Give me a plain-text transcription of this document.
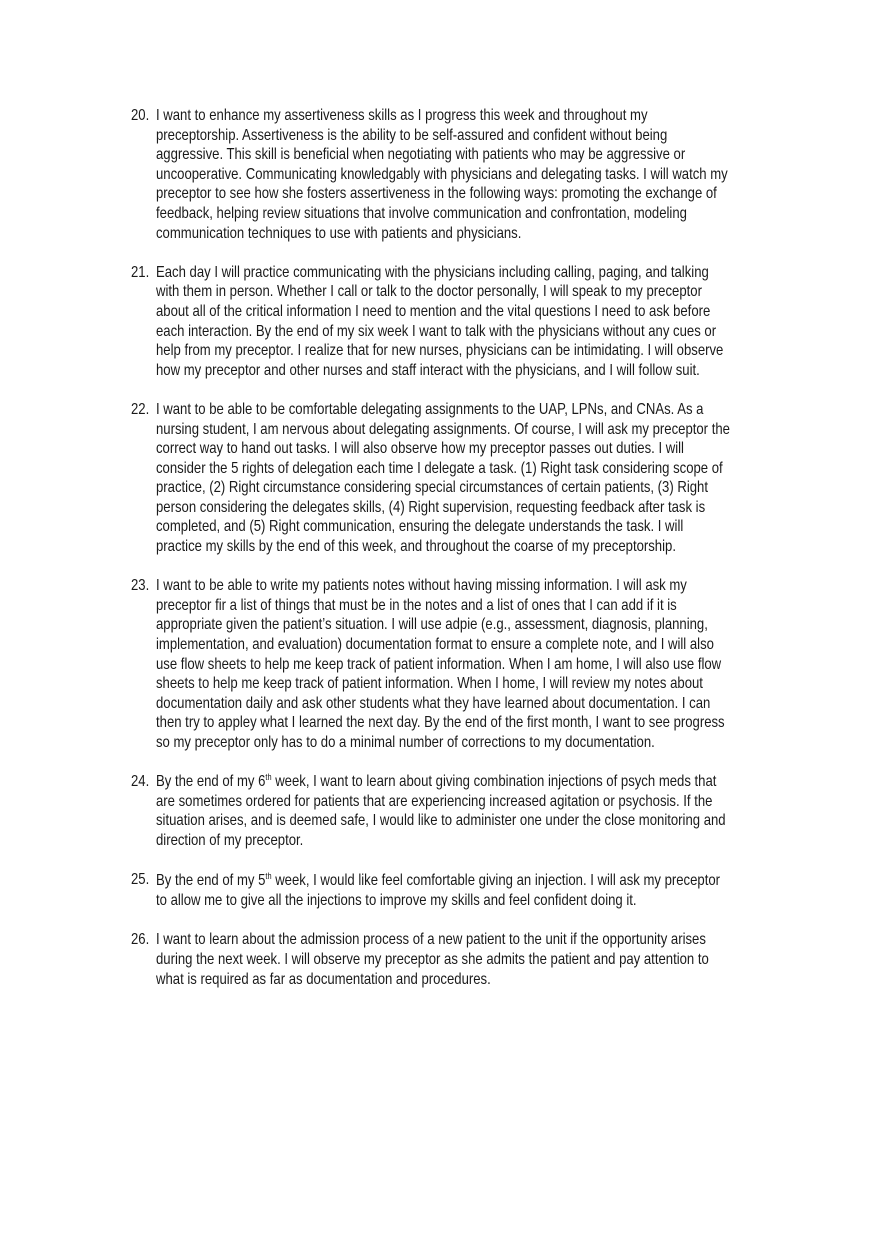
20. I want to enhance my assertiveness skills as I progress this week and throughout my
preceptorship. Assertiveness is the ability to be self-assured and confident without being
aggressive. This skill is beneficial when negotiating with patients who may be aggressive or
uncooperative. Communicating knowledgably with physicians and delegating tasks. I will watch my
preceptor to see how she fosters assertiveness in the following ways: promoting the exchange of
feedback, helping review situations that involve communication and confrontation, modeling
communication techniques to use with patients and physicians.
21. Each day I will practice communicating with the physicians including calling, paging, and talking
with them in person. Whether I call or talk to the doctor personally, I will speak to my preceptor
about all of the critical information I need to mention and the vital questions I need to ask before
each interaction. By the end of my six week I want to talk with the physicians without any cues or
help from my preceptor. I realize that for new nurses, physicians can be intimidating. I will observe
how my preceptor and other nurses and staff interact with the physicians, and I will follow suit.
22. I want to be able to be comfortable delegating assignments to the UAP, LPNs, and CNAs. As a
nursing student, I am nervous about delegating assignments. Of course, I will ask my preceptor the
correct way to hand out tasks. I will also observe how my preceptor passes out duties. I will
consider the 5 rights of delegation each time I delegate a task. (1) Right task considering scope of
practice, (2) Right circumstance considering special circumstances of certain patients, (3) Right
person considering the delegates skills, (4) Right supervision, requesting feedback after task is
completed, and (5) Right communication, ensuring the delegate understands the task. I will
practice my skills by the end of this week, and throughout the coarse of my preceptorship.
23. I want to be able to write my patients notes without having missing information. I will ask my
preceptor fir a list of things that must be in the notes and a list of ones that I can add if it is
appropriate given the patient’s situation. I will use adpie (e.g., assessment, diagnosis, planning,
implementation, and evaluation) documentation format to ensure a complete note, and I will also
use flow sheets to help me keep track of patient information. When I am home, I will also use flow
sheets to help me keep track of patient information. When I home, I will review my notes about
documentation daily and ask other students what they have learned about documentation. I can
then try to appley what I learned the next day. By the end of the first month, I want to see progress
so my preceptor only has to do a minimal number of corrections to my documentation.
24. By the end of my 6th week, I want to learn about giving combination injections of psych meds that
are sometimes ordered for patients that are experiencing increased agitation or psychosis. If the
situation arises, and is deemed safe, I would like to administer one under the close monitoring and
direction of my preceptor.
25. By the end of my 5th week, I would like feel comfortable giving an injection. I will ask my preceptor
to allow me to give all the injections to improve my skills and feel confident doing it.
26. I want to learn about the admission process of a new patient to the unit if the opportunity arises
during the next week. I will observe my preceptor as she admits the patient and pay attention to
what is required as far as documentation and procedures.
